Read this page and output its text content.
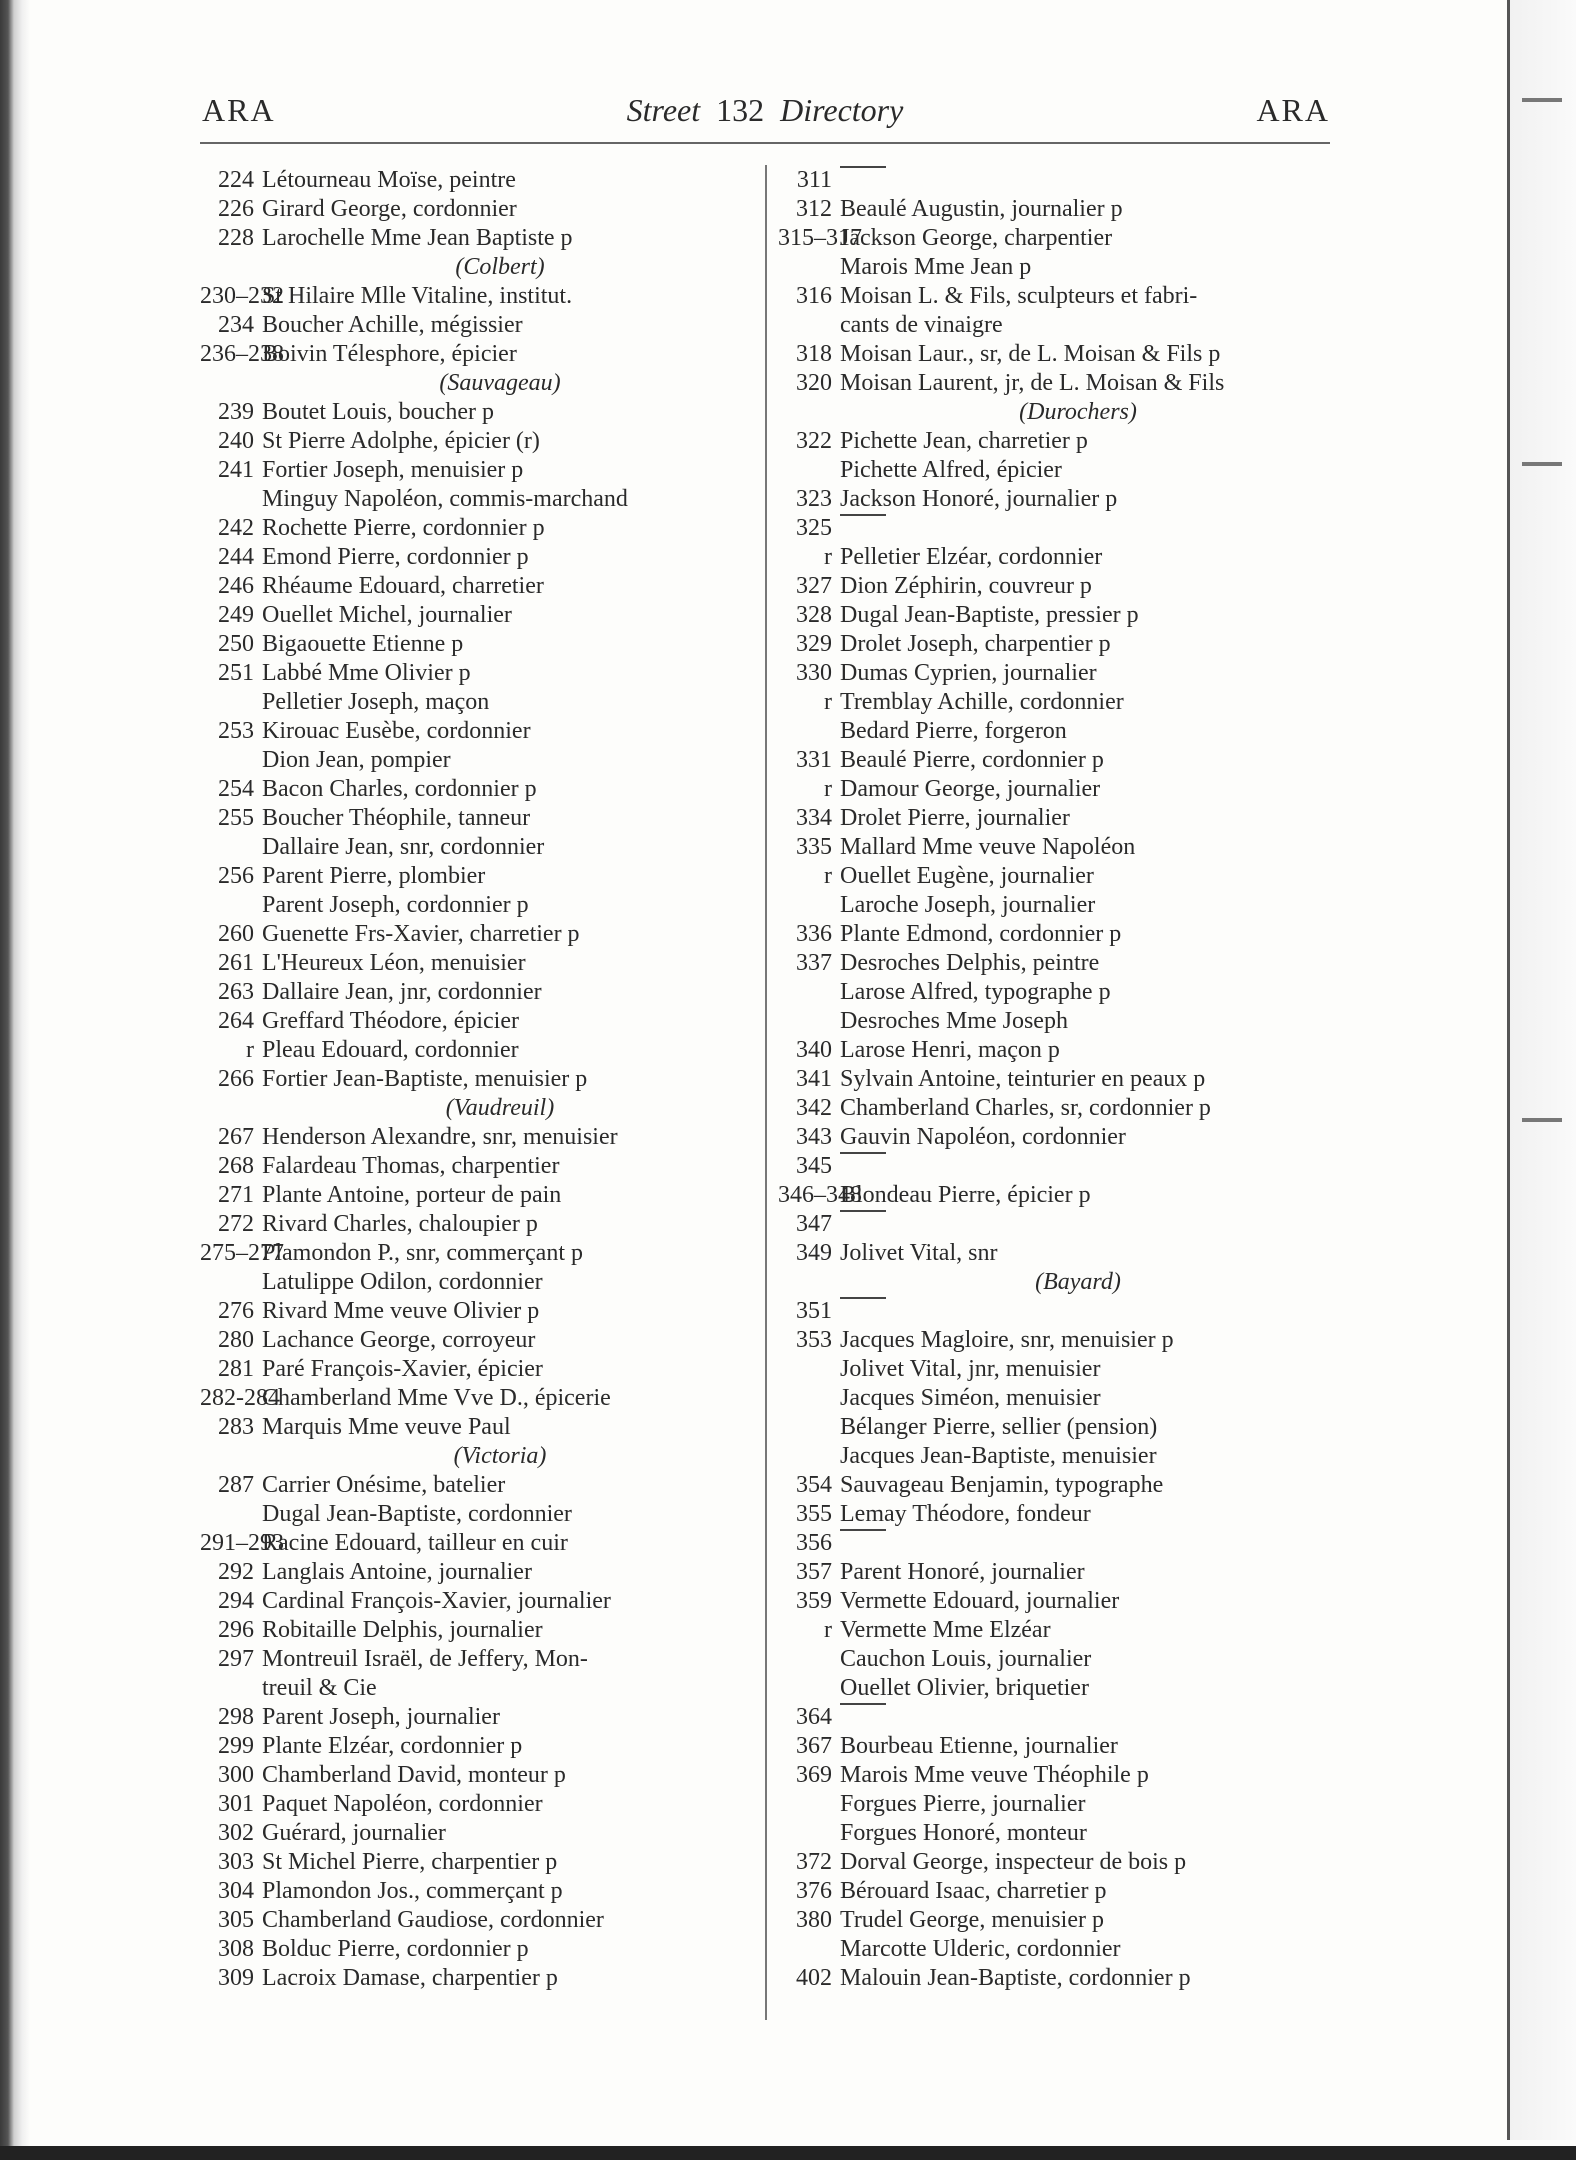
ARA	Street 132 Directory	ARA
224 Létourneau Moïse, peintre
226 Girard George, cordonnier
228 Larochelle Mme Jean Baptiste p
(Colbert)
230–232
St Hilaire Mlle Vitaline, institut.
234 Boucher Achille, mégissier
236–238
Boivin Télesphore, épicier
(Sauvageau)
239 Boutet Louis, boucher p
240 St Pierre Adolphe, épicier (r)
241 Fortier Joseph, menuisier p
Minguy Napoléon, commis-marchand
242 Rochette Pierre, cordonnier p
244 Emond Pierre, cordonnier p
246 Rhéaume Edouard, charretier
249 Ouellet Michel, journalier
250 Bigaouette Etienne p
251 Labbé Mme Olivier p
Pelletier Joseph, maçon
253 Kirouac Eusèbe, cordonnier
Dion Jean, pompier
254 Bacon Charles, cordonnier p
255 Boucher Théophile, tanneur
Dallaire Jean, snr, cordonnier
256 Parent Pierre, plombier
Parent Joseph, cordonnier p
260 Guenette Frs-Xavier, charretier p
261 L'Heureux Léon, menuisier
263 Dallaire Jean, jnr, cordonnier
264 Greffard Théodore, épicier
r Pleau Edouard, cordonnier
266 Fortier Jean-Baptiste, menuisier p
(Vaudreuil)
267 Henderson Alexandre, snr, menuisier
268 Falardeau Thomas, charpentier
271 Plante Antoine, porteur de pain
272 Rivard Charles, chaloupier p
275–277
Plamondon P., snr, commerçant p
Latulippe Odilon, cordonnier
276 Rivard Mme veuve Olivier p
280 Lachance George, corroyeur
281 Paré François-Xavier, épicier
282-284
Chamberland Mme Vve D., épicerie
283 Marquis Mme veuve Paul
(Victoria)
287 Carrier Onésime, batelier
Dugal Jean-Baptiste, cordonnier
291–293
Racine Edouard, tailleur en cuir
292 Langlais Antoine, journalier
294 Cardinal François-Xavier, journalier
296 Robitaille Delphis, journalier
297 Montreuil Israël, de Jeffery, Mon-
treuil & Cie
298 Parent Joseph, journalier
299 Plante Elzéar, cordonnier p
300 Chamberland David, monteur p
301 Paquet Napoléon, cordonnier
302 Guérard, journalier
303 St Michel Pierre, charpentier p
304 Plamondon Jos., commerçant p
305 Chamberland Gaudiose, cordonnier
308 Bolduc Pierre, cordonnier p
309 Lacroix Damase, charpentier p
311
312 Beaulé Augustin, journalier p
315–317
Jackson George, charpentier
Marois Mme Jean p
316 Moisan L. & Fils, sculpteurs et fabri-
cants de vinaigre
318 Moisan Laur., sr, de L. Moisan & Fils p
320 Moisan Laurent, jr, de L. Moisan & Fils
(Durochers)
322 Pichette Jean, charretier p
Pichette Alfred, épicier
323 Jackson Honoré, journalier p
325
r Pelletier Elzéar, cordonnier
327 Dion Zéphirin, couvreur p
328 Dugal Jean-Baptiste, pressier p
329 Drolet Joseph, charpentier p
330 Dumas Cyprien, journalier
r Tremblay Achille, cordonnier
Bedard Pierre, forgeron
331 Beaulé Pierre, cordonnier p
r Damour George, journalier
334 Drolet Pierre, journalier
335 Mallard Mme veuve Napoléon
r Ouellet Eugène, journalier
Laroche Joseph, journalier
336 Plante Edmond, cordonnier p
337 Desroches Delphis, peintre
Larose Alfred, typographe p
Desroches Mme Joseph
340 Larose Henri, maçon p
341 Sylvain Antoine, teinturier en peaux p
342 Chamberland Charles, sr, cordonnier p
343 Gauvin Napoléon, cordonnier
345
346–348
Blondeau Pierre, épicier p
347
349 Jolivet Vital, snr
(Bayard)
351
353 Jacques Magloire, snr, menuisier p
Jolivet Vital, jnr, menuisier
Jacques Siméon, menuisier
Bélanger Pierre, sellier (pension)
Jacques Jean-Baptiste, menuisier
354 Sauvageau Benjamin, typographe
355 Lemay Théodore, fondeur
356
357 Parent Honoré, journalier
359 Vermette Edouard, journalier
r Vermette Mme Elzéar
Cauchon Louis, journalier
Ouellet Olivier, briquetier
364
367 Bourbeau Etienne, journalier
369 Marois Mme veuve Théophile p
Forgues Pierre, journalier
Forgues Honoré, monteur
372 Dorval George, inspecteur de bois p
376 Bérouard Isaac, charretier p
380 Trudel George, menuisier p
Marcotte Ulderic, cordonnier
402 Malouin Jean-Baptiste, cordonnier p
